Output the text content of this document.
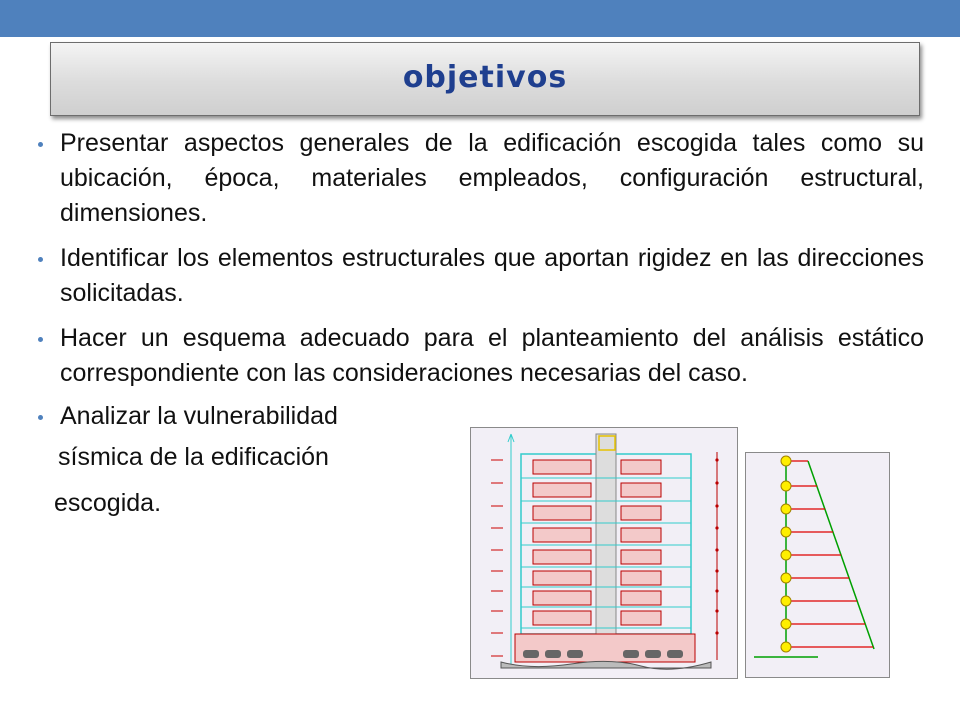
objetivos
Presentar aspectos generales de la edificación escogida tales como su ubicación, época, materiales empleados, configuración estructural, dimensiones.
Identificar los elementos estructurales que aportan rigidez en las direcciones solicitadas.
Hacer un esquema adecuado para el planteamiento del análisis estático correspondiente con las consideraciones necesarias del caso.
Analizar la vulnerabilidad
sísmica de la edificación
escogida.
